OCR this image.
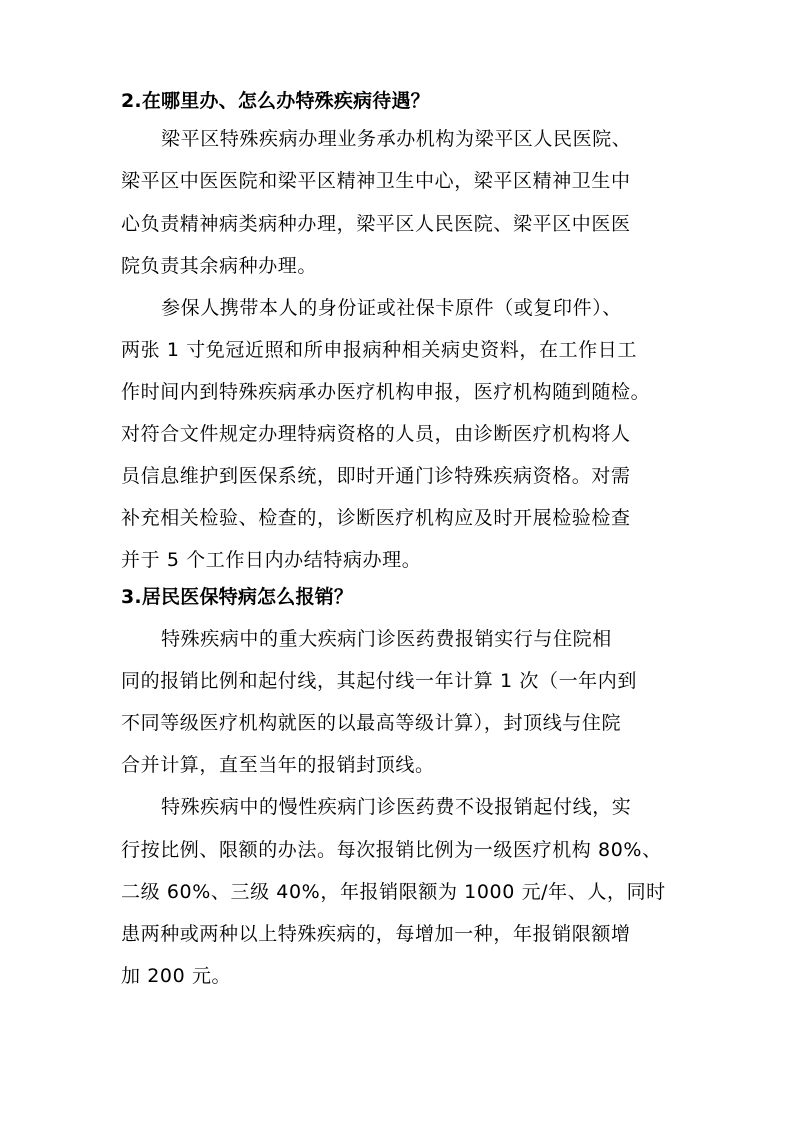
2.在哪里办、怎么办特殊疾病待遇？
梁平区特殊疾病办理业务承办机构为梁平区人民医院、
梁平区中医医院和梁平区精神卫生中心，梁平区精神卫生中
心负责精神病类病种办理，梁平区人民医院、梁平区中医医
院负责其余病种办理。
参保人携带本人的身份证或社保卡原件（或复印件）、
两张 1 寸免冠近照和所申报病种相关病史资料，在工作日工
作时间内到特殊疾病承办医疗机构申报，医疗机构随到随检。
对符合文件规定办理特病资格的人员，由诊断医疗机构将人
员信息维护到医保系统，即时开通门诊特殊疾病资格。对需
补充相关检验、检查的，诊断医疗机构应及时开展检验检查
并于 5 个工作日内办结特病办理。
3.居民医保特病怎么报销？
特殊疾病中的重大疾病门诊医药费报销实行与住院相
同的报销比例和起付线，其起付线一年计算 1 次（一年内到
不同等级医疗机构就医的以最高等级计算），封顶线与住院
合并计算，直至当年的报销封顶线。
特殊疾病中的慢性疾病门诊医药费不设报销起付线，实
行按比例、限额的办法。每次报销比例为一级医疗机构 80%、
二级 60%、三级 40%，年报销限额为 1000 元/年、人，同时
患两种或两种以上特殊疾病的，每增加一种，年报销限额增
加 200 元。
